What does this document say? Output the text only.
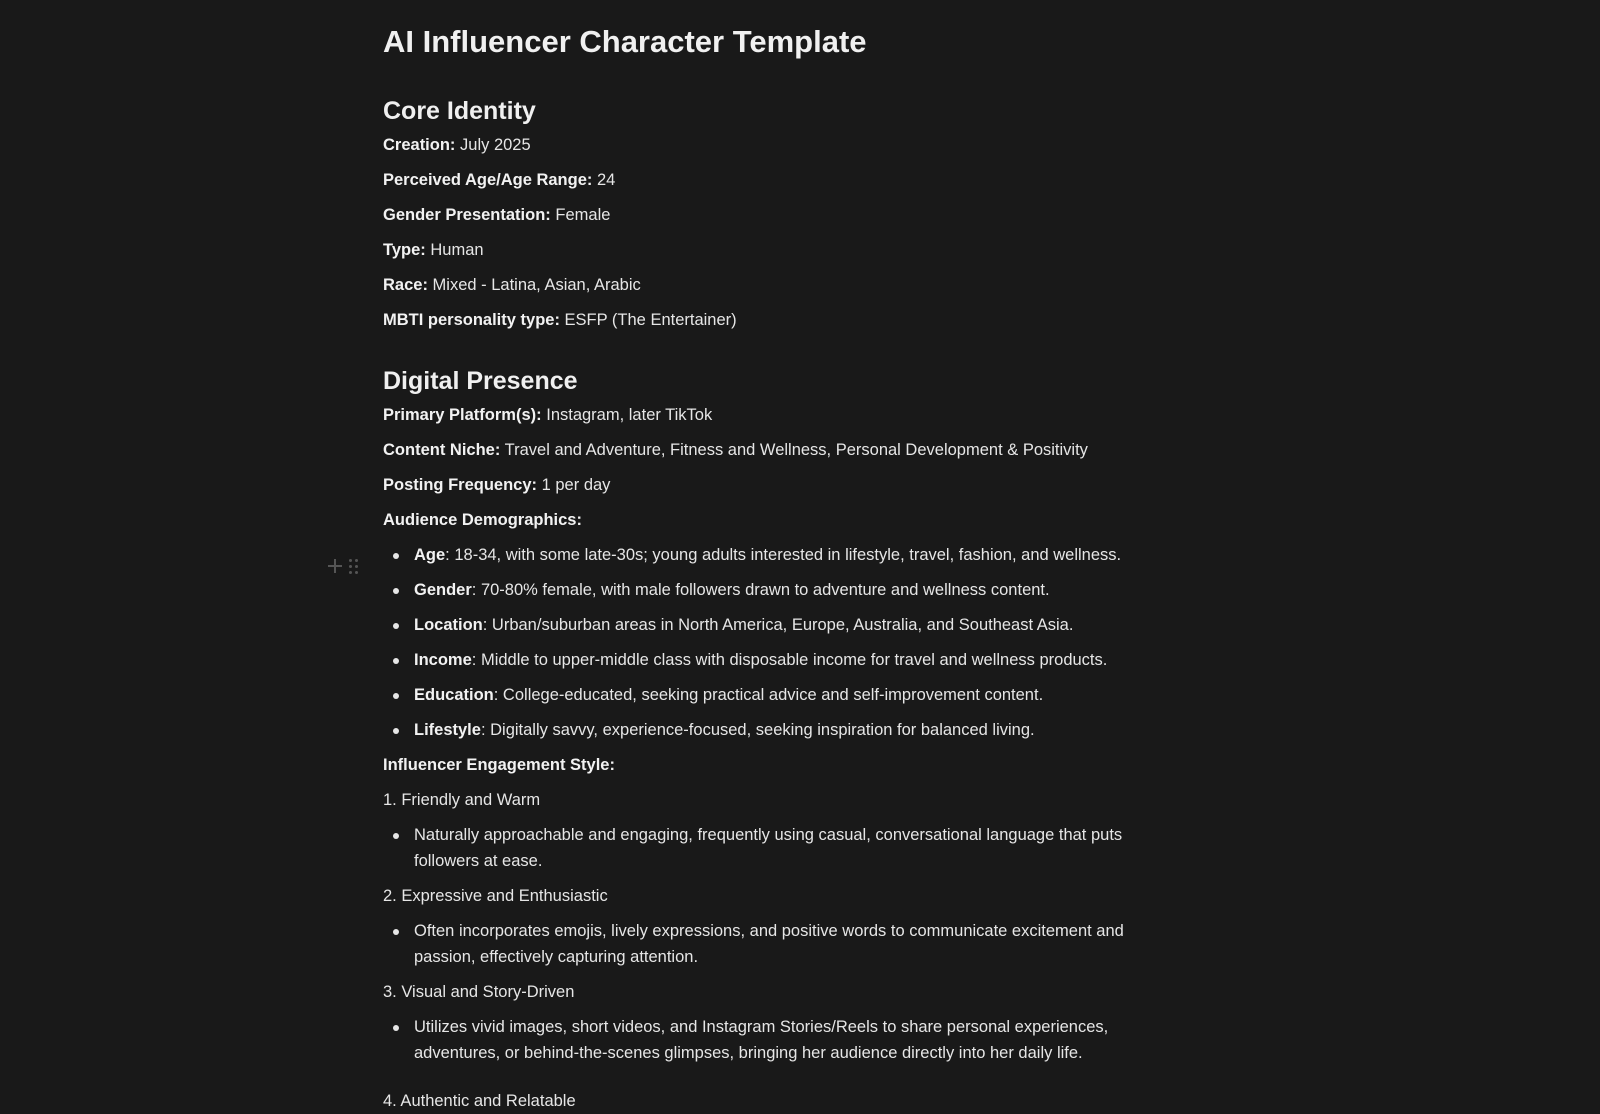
AI Influencer Character Template
Core Identity
Creation: July 2025
Perceived Age/Age Range: 24
Gender Presentation: Female
Type: Human
Race: Mixed - Latina, Asian, Arabic
MBTI personality type: ESFP (The Entertainer)
Digital Presence
Primary Platform(s): Instagram, later TikTok
Content Niche: Travel and Adventure, Fitness and Wellness, Personal Development & Positivity
Posting Frequency: 1 per day
Audience Demographics:
Age: 18-34, with some late-30s; young adults interested in lifestyle, travel, fashion, and wellness.
Gender: 70-80% female, with male followers drawn to adventure and wellness content.
Location: Urban/suburban areas in North America, Europe, Australia, and Southeast Asia.
Income: Middle to upper-middle class with disposable income for travel and wellness products.
Education: College-educated, seeking practical advice and self-improvement content.
Lifestyle: Digitally savvy, experience-focused, seeking inspiration for balanced living.
Influencer Engagement Style:
1. Friendly and Warm
Naturally approachable and engaging, frequently using casual, conversational language that puts followers at ease.
2. Expressive and Enthusiastic
Often incorporates emojis, lively expressions, and positive words to communicate excitement and passion, effectively capturing attention.
3. Visual and Story-Driven
Utilizes vivid images, short videos, and Instagram Stories/Reels to share personal experiences, adventures, or behind-the-scenes glimpses, bringing her audience directly into her daily life.
4. Authentic and Relatable
